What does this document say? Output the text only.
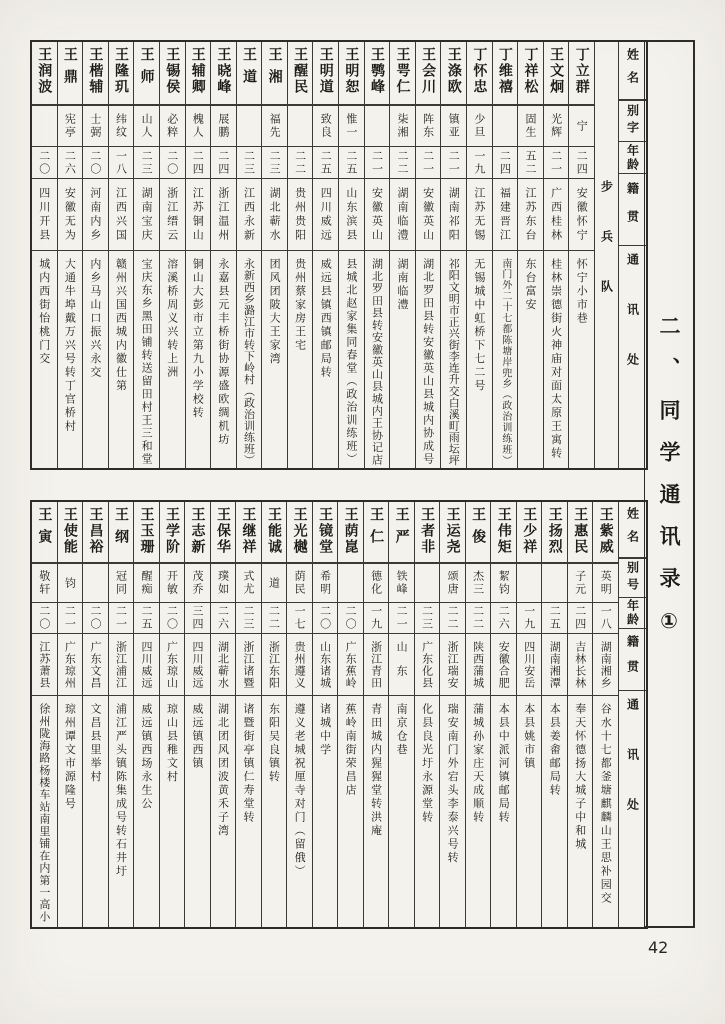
姓名
别字
年龄
籍贯
通讯处
步兵队
丁立群
宁
二四
安徽怀宁
怀宁小市巷
王文炯
光辉
二一
广西桂林
桂林崇德街火神庙对面太原王寓转
丁祥松
固生
五二
江苏东台
东台富安
丁维禧
二四
福建晋江
南门外二十七都陈塘岸兜乡（政治训练班）
丁怀忠
少旦
一九
江苏无锡
无锡城中虹桥下七二号
王涤欧
镇亚
二一
湖南祁阳
祁阳文明市正兴街李连升交白溪町雨坛坪
王会川
阵东
二一
安徽英山
湖北罗田县转安徽英山县城内协成号
王咢仁
柒湘
二二
湖南临澧
湖南临澧
王鹗峰
二一
安徽英山
湖北罗田县转安徽英山县城内王协记店
王明恕
惟一
二五
山东滨县
县城北赵家集同春堂（政治训练班）
王明道
致良
二五
四川威远
威远县镇西镇邮局转
王醒民
二二
贵州贵阳
贵州蔡家房王宅
王湘
福先
二三
湖北蕲水
团风团陂大王家湾
王道
二三
江西永新
永新西乡潞江市转下岭村（政治训练班）
王晓峰
展鹏
二四
浙江温州
永嘉县元丰桥街协源盛欧绸机坊
王辅卿
槐人
二四
江苏铜山
铜山大彭市立第九小学校转
王锡侯
必粹
二〇
浙江缙云
溶溪桥周义兴转上洲
王师
山人
二三
湖南宝庆
宝庆东乡黑田铺转送留田村王三和堂
王隆玑
纬纹
一八
江西兴国
赣州兴国西城内徽仕第
王楷辅
士弼
二〇
河南内乡
内乡马山口振兴永交
王鼎
宪亭
二六
安徽无为
大通牛埠戴万兴号转丁官桥村
王润波
二〇
四川开县
城内西街怡桃门交
姓名
别号
年龄
籍贯
通讯处
王紫威
英明
一八
湖南湘乡
谷水十七都釜塘麒麟山王思补园交
王惠民
子元
二四
吉林长林
奉天怀德扬大城子中和城
王扬烈
二五
湖南湘潭
本县姜畬邮局转
王少祥
一九
四川安岳
本县姚市镇
王伟矩
絜钧
二六
安徽合肥
本县中派河镇邮局转
王俊
杰三
二二
陕西蒲城
蒲城孙家庄天成顺转
王运尧
颂唐
二二
浙江瑞安
瑞安南门外宕头李泰兴号转
王者非
二三
广东化县
化县良光圩永源堂转
王严
铁峰
二一
山东
南京仓巷
王仁
德化
一九
浙江青田
青田城内猩猩堂转洪庵
王荫崑
二〇
广东蕉岭
蕉岭南街荣昌店
王镜堂
希明
二〇
山东诸城
诸城中学
王光樾
荫民
一七
贵州遵义
遵义老城祝厘寺对门（留俄）
王能诚
道
二二
浙江东阳
东阳吴良镇转
王继祥
式尤
二三
浙江诸暨
诸暨街亭镇仁寿堂转
王保华
璞如
二六
湖北蕲水
湖北团风团波黄禾子湾
王志新
茂乔
三四
四川威远
威远镇西镇
王学阶
开敏
二〇
广东琼山
琼山县稚文村
王玉珊
醒痴
二五
四川威远
威远镇西场永生公
王纲
冠同
二一
浙江浦江
浦江严头镇陈集成号转石井圩
王昌裕
二〇
广东文昌
文昌县里举村
王使能
钧
二一
广东琼州
琼州谭文市源隆号
王寅
敬轩
二〇
江苏萧县
徐州陇海路杨楼车站南里铺在内第一高小
二、同学通讯录①
42
